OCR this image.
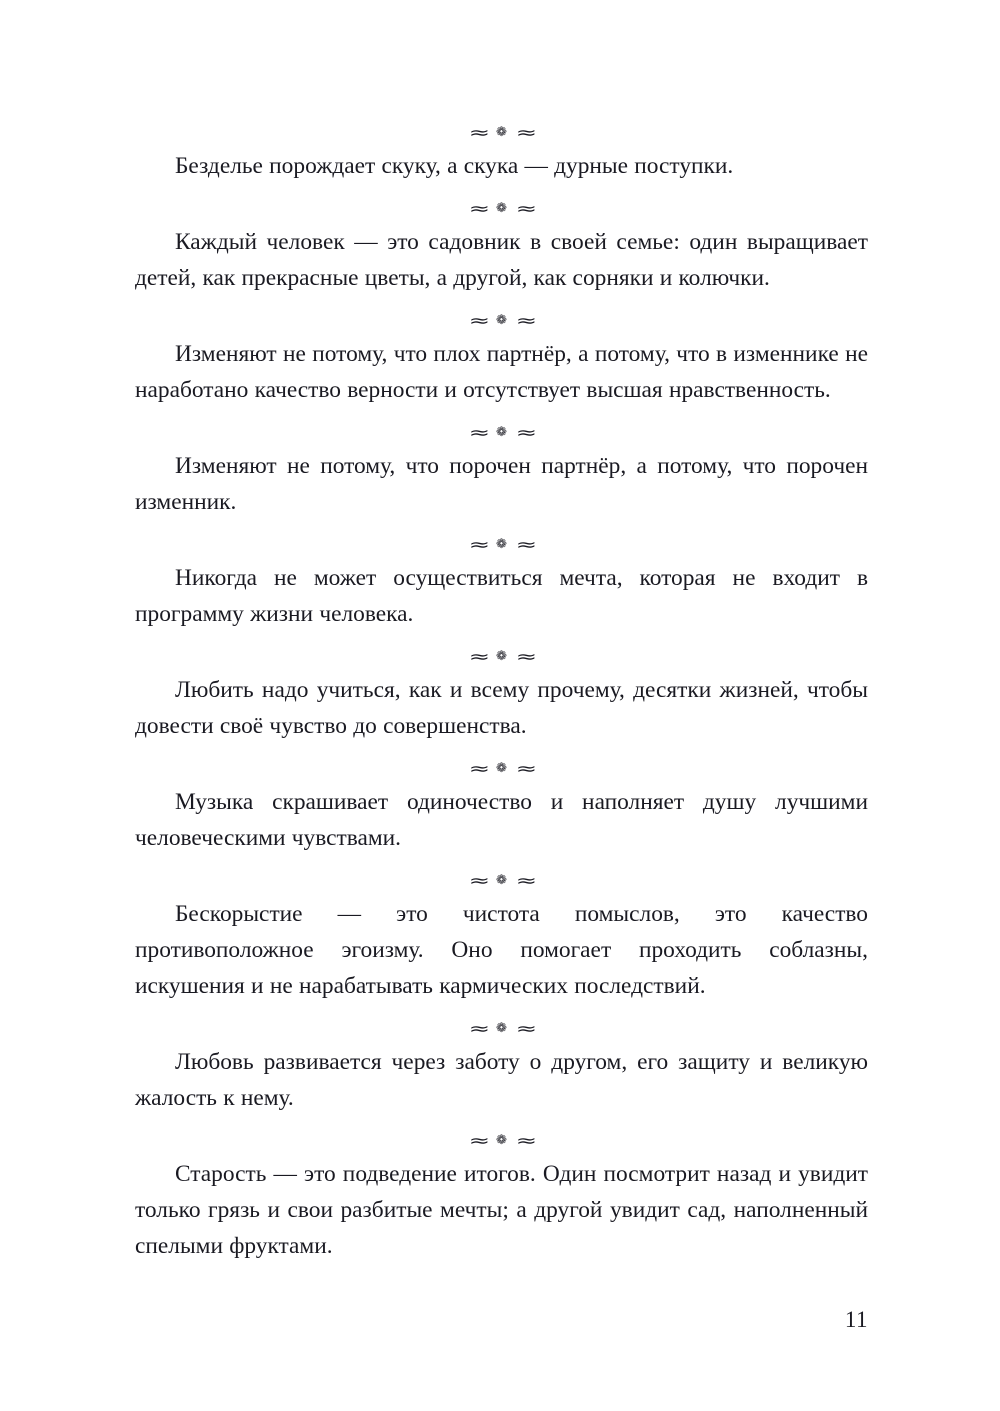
≈ ❁ ≈

Безделье порождает скуку, а скука — дурные поступки.

≈ ❁ ≈

Каждый человек — это садовник в своей семье: один выращивает детей, как прекрасные цветы, а другой, как сорняки и колючки.

≈ ❁ ≈

Изменяют не потому, что плох партнёр, а потому, что в изменнике не наработано качество верности и отсутствует высшая нравственность.

≈ ❁ ≈

Изменяют не потому, что порочен партнёр, а потому, что порочен изменник.

≈ ❁ ≈

Никогда не может осуществиться мечта, которая не входит в программу жизни человека.

≈ ❁ ≈

Любить надо учиться, как и всему прочему, десятки жизней, чтобы довести своё чувство до совершенства.

≈ ❁ ≈

Музыка скрашивает одиночество и наполняет душу лучшими человеческими чувствами.

≈ ❁ ≈

Бескорыстие — это чистота помыслов, это качество противоположное эгоизму. Оно помогает проходить соблазны, искушения и не нарабатывать кармических последствий.

≈ ❁ ≈

Любовь развивается через заботу о другом, его защиту и великую жалость к нему.

≈ ❁ ≈

Старость — это подведение итогов. Один посмотрит назад и увидит только грязь и свои разбитые мечты; а другой увидит сад, наполненный спелыми фруктами.

11
